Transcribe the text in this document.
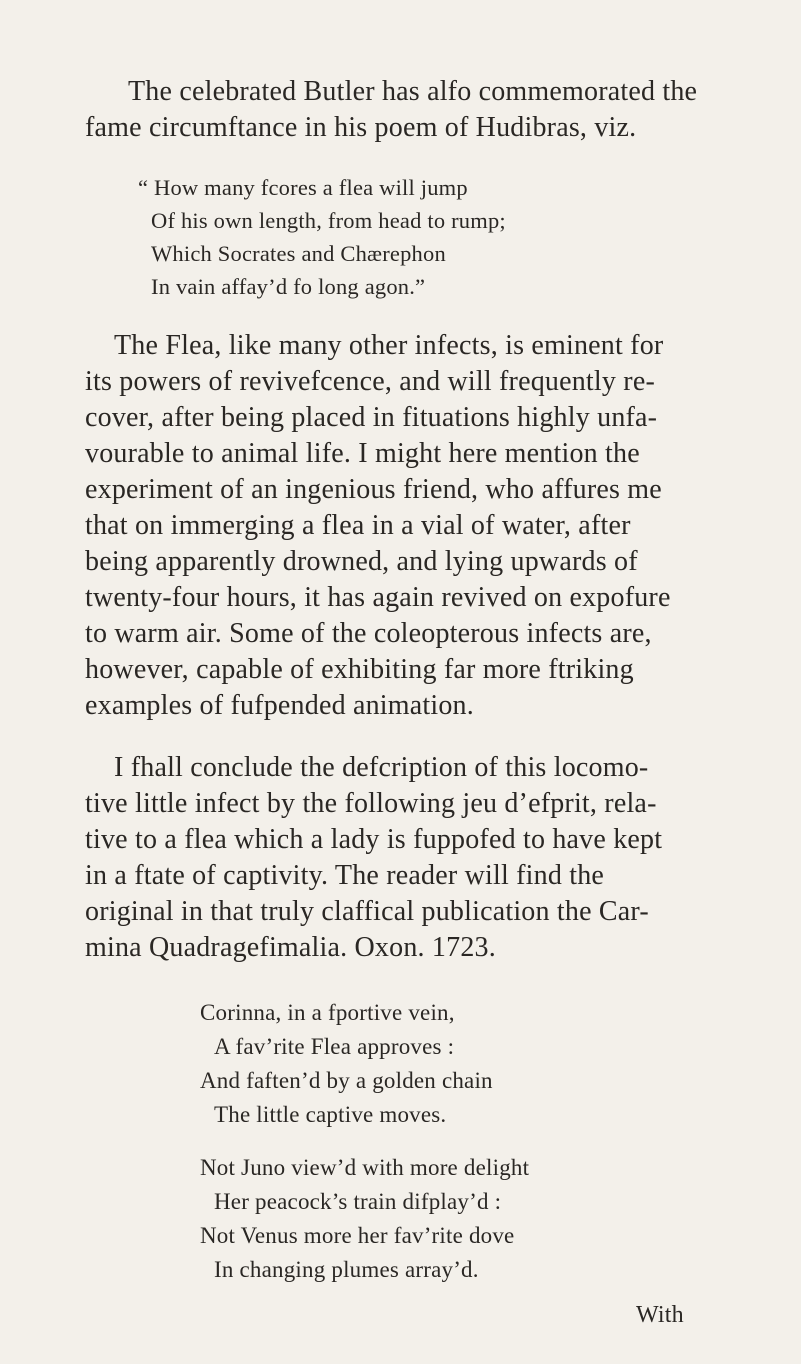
The celebrated Butler has alfo commemorated the
fame circumftance in his poem of Hudibras, viz.
“ How many fcores a flea will jump
Of his own length, from head to rump;
Which Socrates and Chærephon
In vain affay’d fo long agon.”
The Flea, like many other infects, is eminent for
its powers of revivefcence, and will frequently re-
cover, after being placed in fituations highly unfa-
vourable to animal life. I might here mention the
experiment of an ingenious friend, who affures me
that on immerging a flea in a vial of water, after
being apparently drowned, and lying upwards of
twenty-four hours, it has again revived on expofure
to warm air. Some of the coleopterous infects are,
however, capable of exhibiting far more ftriking
examples of fufpended animation.
I fhall conclude the defcription of this locomo-
tive little infect by the following jeu d’efprit, rela-
tive to a flea which a lady is fuppofed to have kept
in a ftate of captivity. The reader will find the
original in that truly claffical publication the Car-
mina Quadragefimalia. Oxon. 1723.
Corinna, in a fportive vein,
A fav’rite Flea approves :
And faften’d by a golden chain
The little captive moves.
Not Juno view’d with more delight
Her peacock’s train difplay’d :
Not Venus more her fav’rite dove
In changing plumes array’d.
With
